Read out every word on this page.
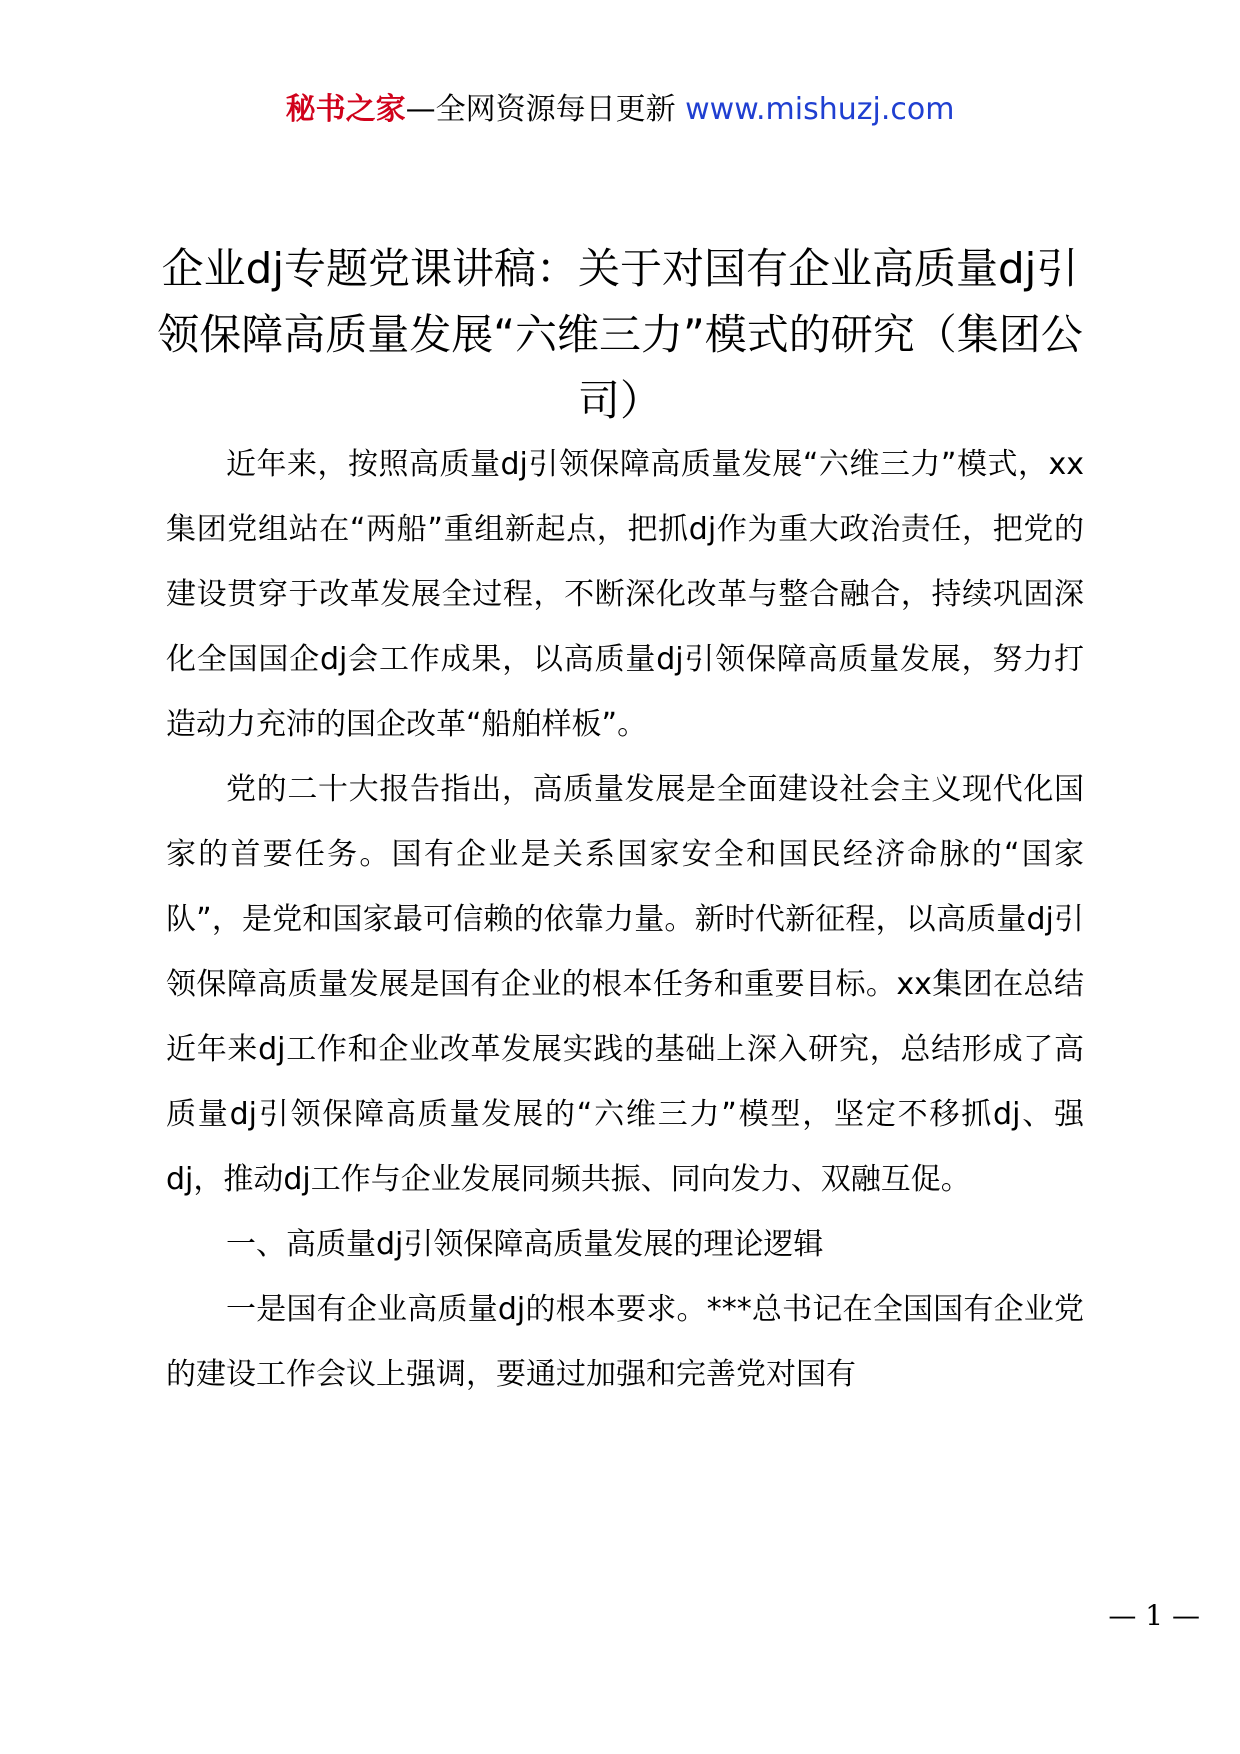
秘书之家—全网资源每日更新 www.mishuzj.com
企业dj专题党课讲稿：关于对国有企业高质量dj引领保障高质量发展“六维三力”模式的研究（集团公司）

近年来，按照高质量dj引领保障高质量发展“六维三力”模式，xx集团党组站在“两船”重组新起点，把抓dj作为重大政治责任，把党的建设贯穿于改革发展全过程，不断深化改革与整合融合，持续巩固深化全国国企dj会工作成果，以高质量dj引领保障高质量发展，努力打造动力充沛的国企改革“船舶样板”。

党的二十大报告指出，高质量发展是全面建设社会主义现代化国家的首要任务。国有企业是关系国家安全和国民经济命脉的“国家队”，是党和国家最可信赖的依靠力量。新时代新征程，以高质量dj引领保障高质量发展是国有企业的根本任务和重要目标。xx集团在总结近年来dj工作和企业改革发展实践的基础上深入研究，总结形成了高质量dj引领保障高质量发展的“六维三力”模型，坚定不移抓dj、强dj，推动dj工作与企业发展同频共振、同向发力、双融互促。

一、高质量dj引领保障高质量发展的理论逻辑

一是国有企业高质量dj的根本要求。***总书记在全国国有企业党的建设工作会议上强调，要通过加强和完善党对国有

— 1 —
